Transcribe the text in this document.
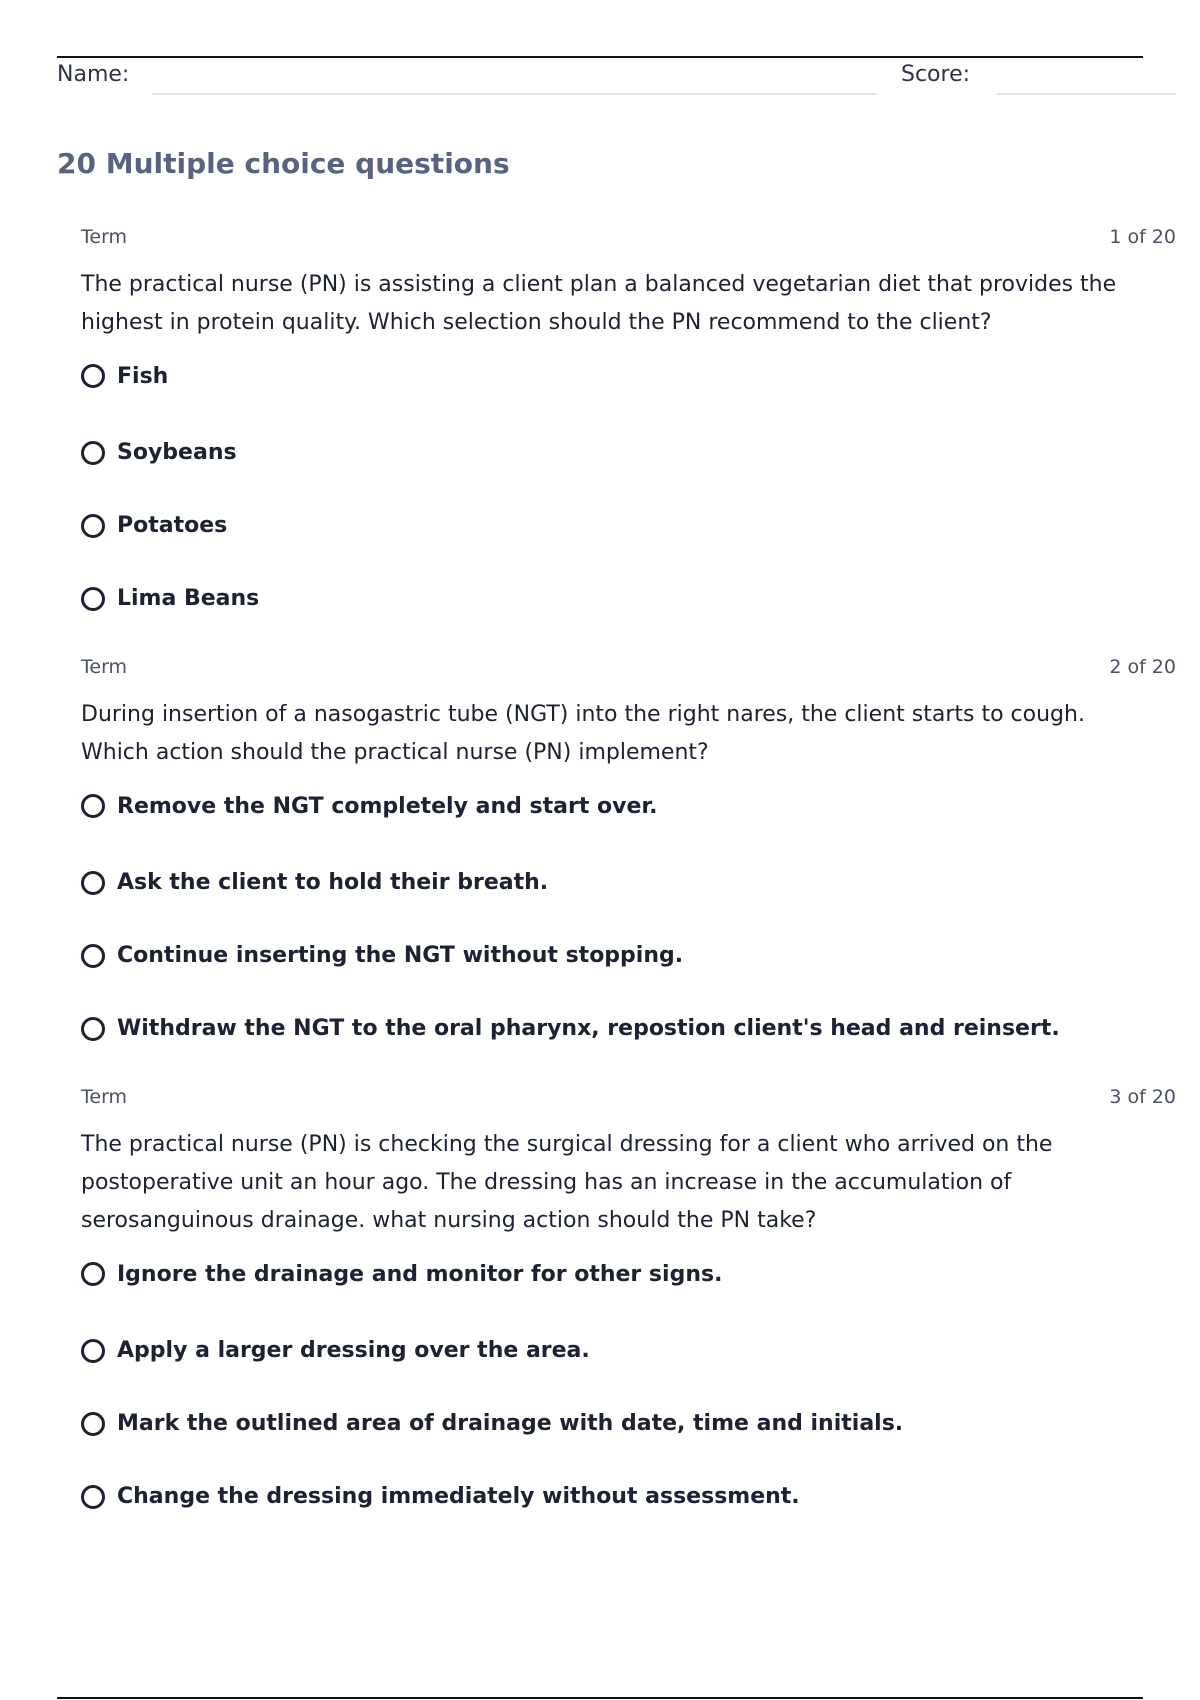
Name:	Score:
20 Multiple choice questions
Term	1 of 20

The practical nurse (PN) is assisting a client plan a balanced vegetarian diet that provides the highest in protein quality. Which selection should the PN recommend to the client?

Fish
Soybeans
Potatoes
Lima Beans
Term	2 of 20

During insertion of a nasogastric tube (NGT) into the right nares, the client starts to cough. Which action should the practical nurse (PN) implement?

Remove the NGT completely and start over.
Ask the client to hold their breath.
Continue inserting the NGT without stopping.
Withdraw the NGT to the oral pharynx, repostion client's head and reinsert.
Term	3 of 20

The practical nurse (PN) is checking the surgical dressing for a client who arrived on the postoperative unit an hour ago. The dressing has an increase in the accumulation of serosanguinous drainage. what nursing action should the PN take?

Ignore the drainage and monitor for other signs.
Apply a larger dressing over the area.
Mark the outlined area of drainage with date, time and initials.
Change the dressing immediately without assessment.
